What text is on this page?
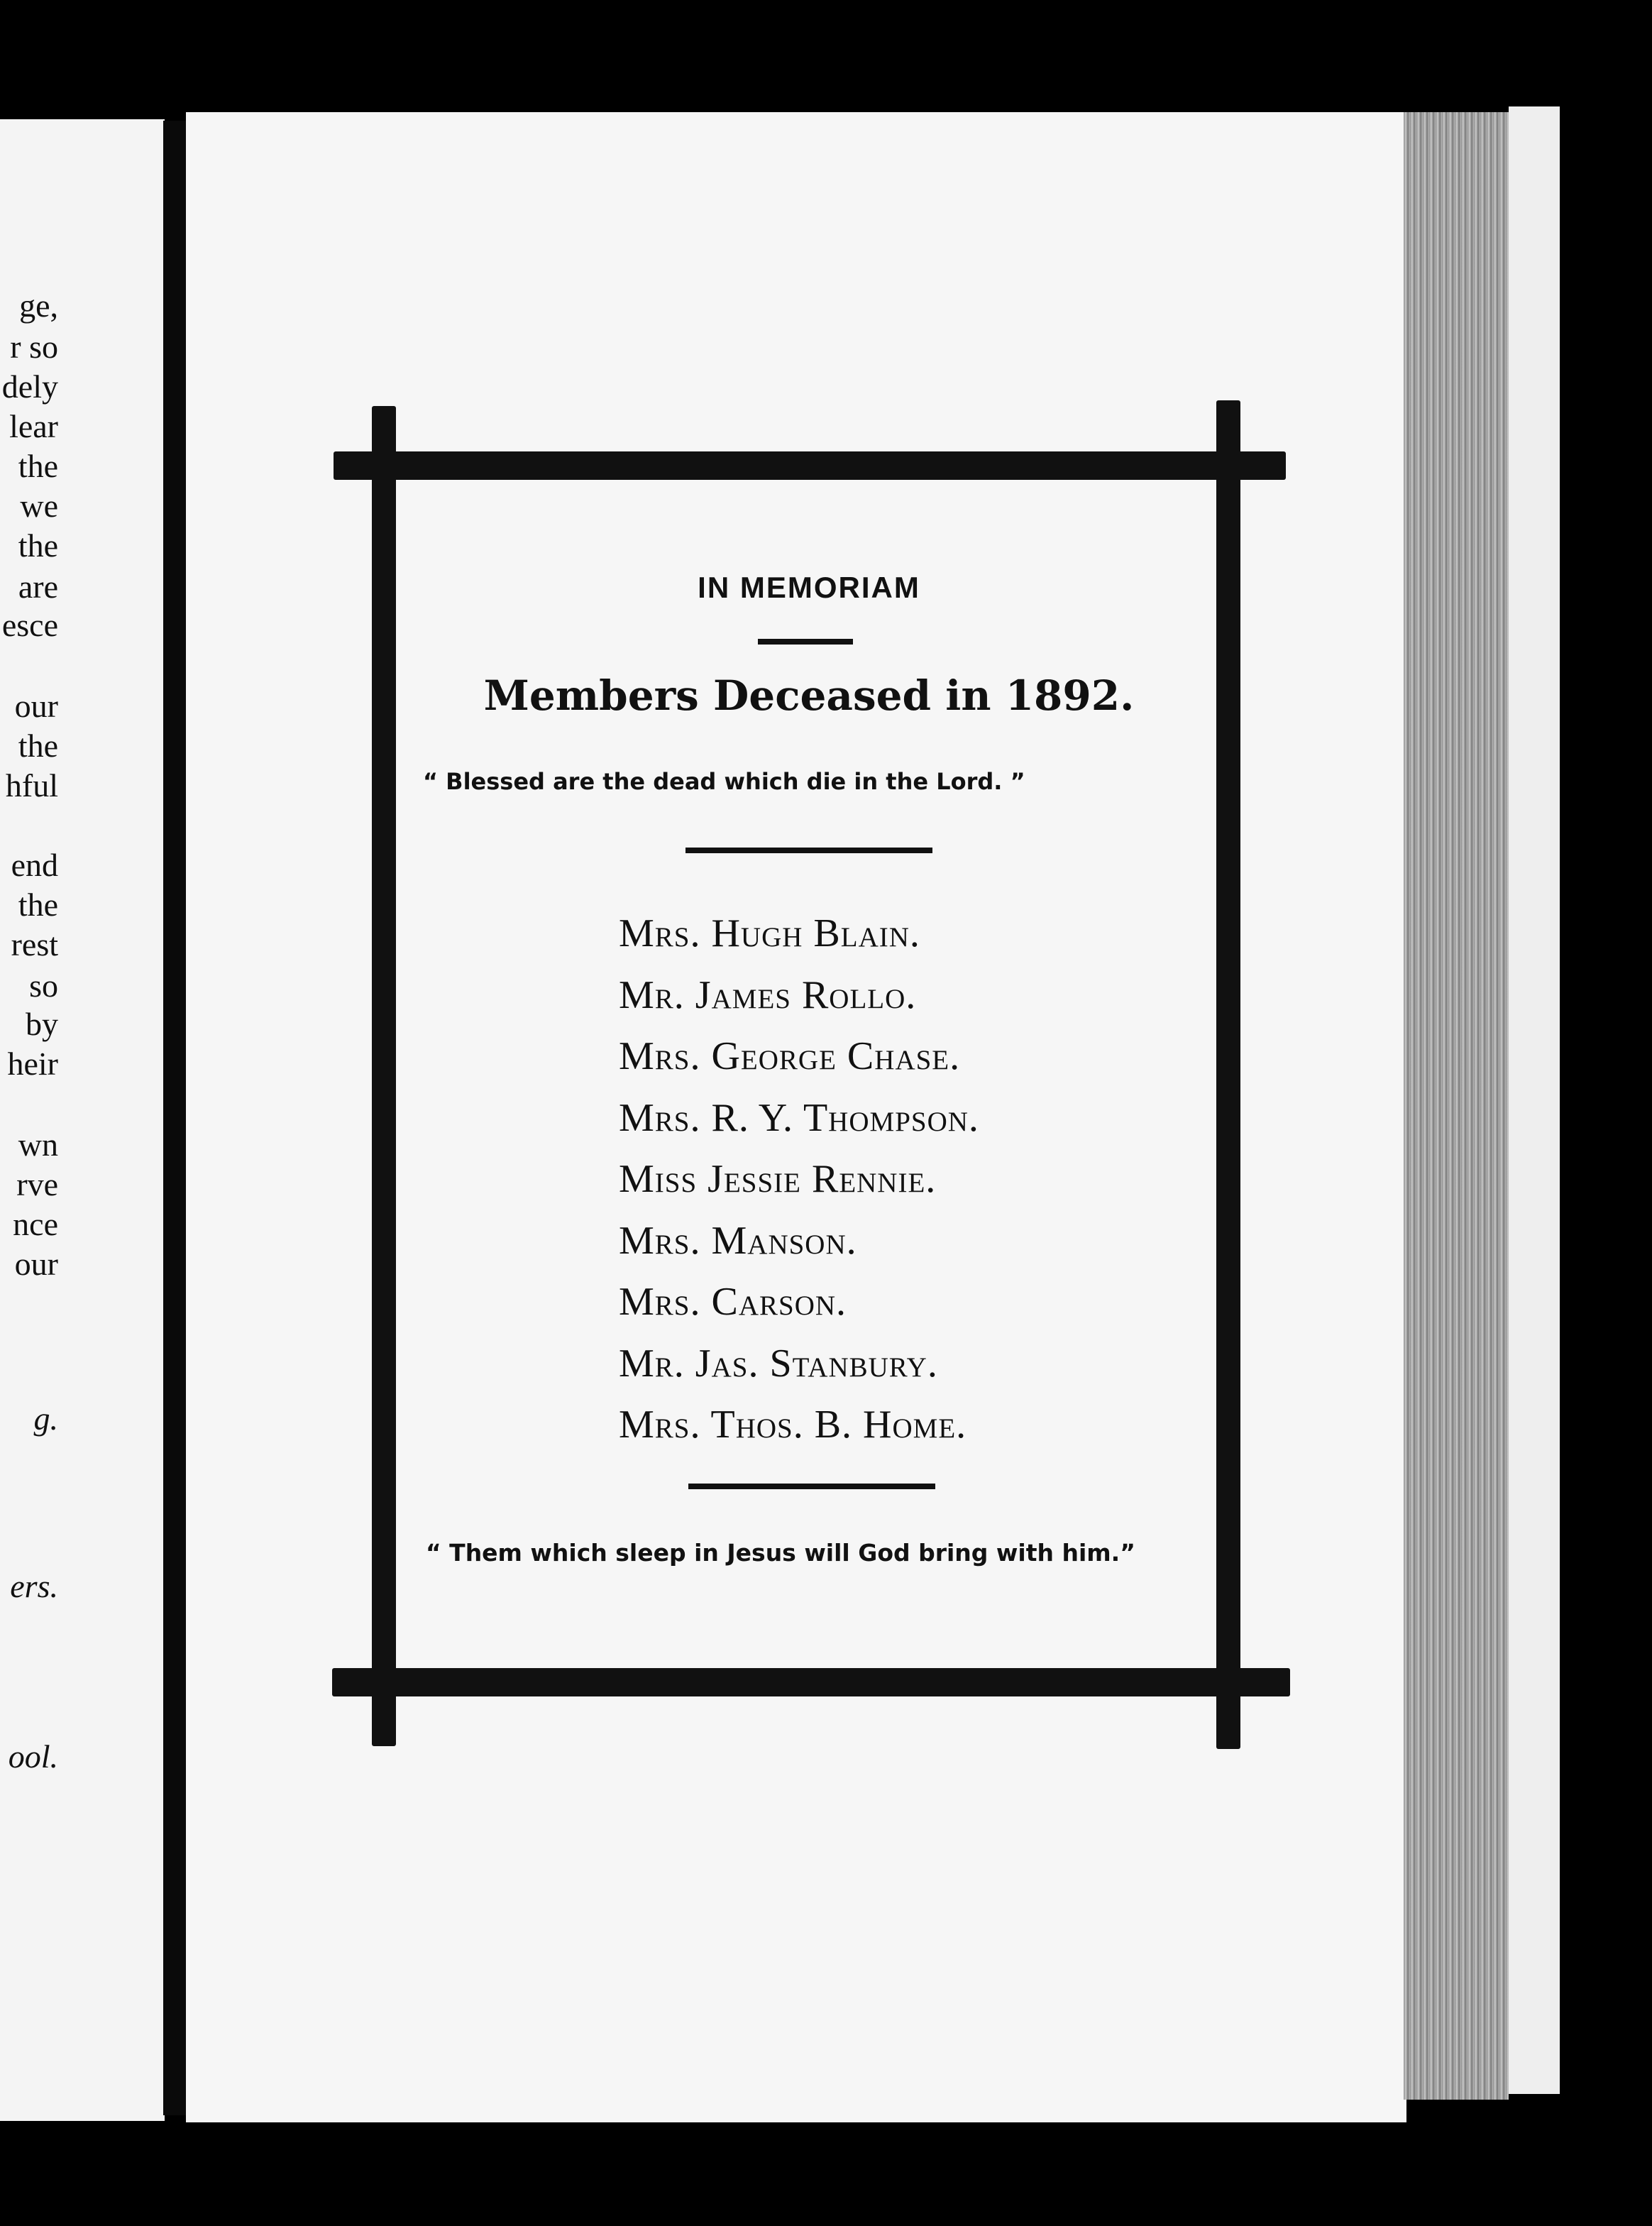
ge,
r so
dely
lear
the
we
the
are
esce
our
the
hful
end
the
rest
so
by
heir
wn
rve
nce
our
g.
ers.
ool.
IN MEMORIAM
Members Deceased in 1892.
“ Blessed are the dead which die in the Lord. ”
Mrs. Hugh Blain.
Mr. James Rollo.
Mrs. George Chase.
Mrs. R. Y. Thompson.
Miss Jessie Rennie.
Mrs. Manson.
Mrs. Carson.
Mr. Jas. Stanbury.
Mrs. Thos. B. Home.
“ Them which sleep in Jesus will God bring with him.”
